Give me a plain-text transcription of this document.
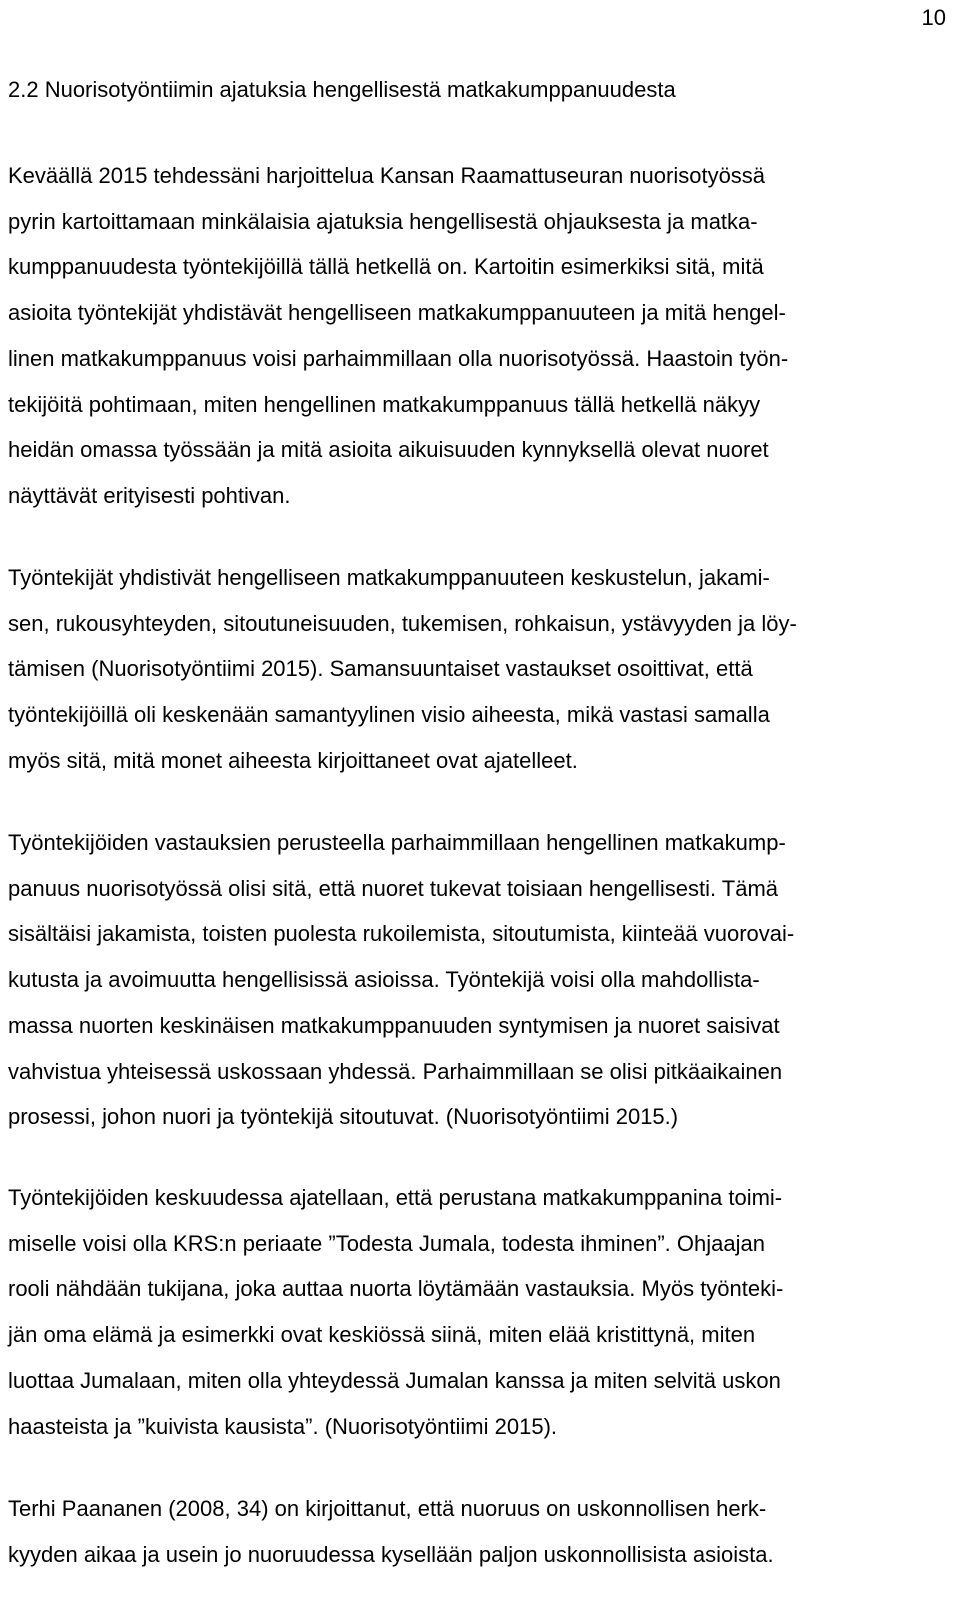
10
2.2 Nuorisotyöntiimin ajatuksia hengellisestä matkakumppanuudesta

Keväällä 2015 tehdessäni harjoittelua Kansan Raamattuseuran nuorisotyössä
pyrin kartoittamaan minkälaisia ajatuksia hengellisestä ohjauksesta ja matka-
kumppanuudesta työntekijöillä tällä hetkellä on. Kartoitin esimerkiksi sitä, mitä
asioita työntekijät yhdistävät hengelliseen matkakumppanuuteen ja mitä hengel-
linen matkakumppanuus voisi parhaimmillaan olla nuorisotyössä. Haastoin työn-
tekijöitä pohtimaan, miten hengellinen matkakumppanuus tällä hetkellä näkyy
heidän omassa työssään ja mitä asioita aikuisuuden kynnyksellä olevat nuoret
näyttävät erityisesti pohtivan.

Työntekijät yhdistivät hengelliseen matkakumppanuuteen keskustelun, jakami-
sen, rukousyhteyden, sitoutuneisuuden, tukemisen, rohkaisun, ystävyyden ja löy-
tämisen (Nuorisotyöntiimi 2015). Samansuuntaiset vastaukset osoittivat, että
työntekijöillä oli keskenään samantyylinen visio aiheesta, mikä vastasi samalla
myös sitä, mitä monet aiheesta kirjoittaneet ovat ajatelleet.

Työntekijöiden vastauksien perusteella parhaimmillaan hengellinen matkakump-
panuus nuorisotyössä olisi sitä, että nuoret tukevat toisiaan hengellisesti. Tämä
sisältäisi jakamista, toisten puolesta rukoilemista, sitoutumista, kiinteää vuorovai-
kutusta ja avoimuutta hengellisissä asioissa. Työntekijä voisi olla mahdollista-
massa nuorten keskinäisen matkakumppanuuden syntymisen ja nuoret saisivat
vahvistua yhteisessä uskossaan yhdessä. Parhaimmillaan se olisi pitkäaikainen
prosessi, johon nuori ja työntekijä sitoutuvat. (Nuorisotyöntiimi 2015.)

Työntekijöiden keskuudessa ajatellaan, että perustana matkakumppanina toimi-
miselle voisi olla KRS:n periaate ”Todesta Jumala, todesta ihminen”. Ohjaajan
rooli nähdään tukijana, joka auttaa nuorta löytämään vastauksia. Myös työnteki-
jän oma elämä ja esimerkki ovat keskiössä siinä, miten elää kristittynä, miten
luottaa Jumalaan, miten olla yhteydessä Jumalan kanssa ja miten selvitä uskon
haasteista ja ”kuivista kausista”. (Nuorisotyöntiimi 2015).

Terhi Paananen (2008, 34) on kirjoittanut, että nuoruus on uskonnollisen herk-
kyyden aikaa ja usein jo nuoruudessa kysellään paljon uskonnollisista asioista.
